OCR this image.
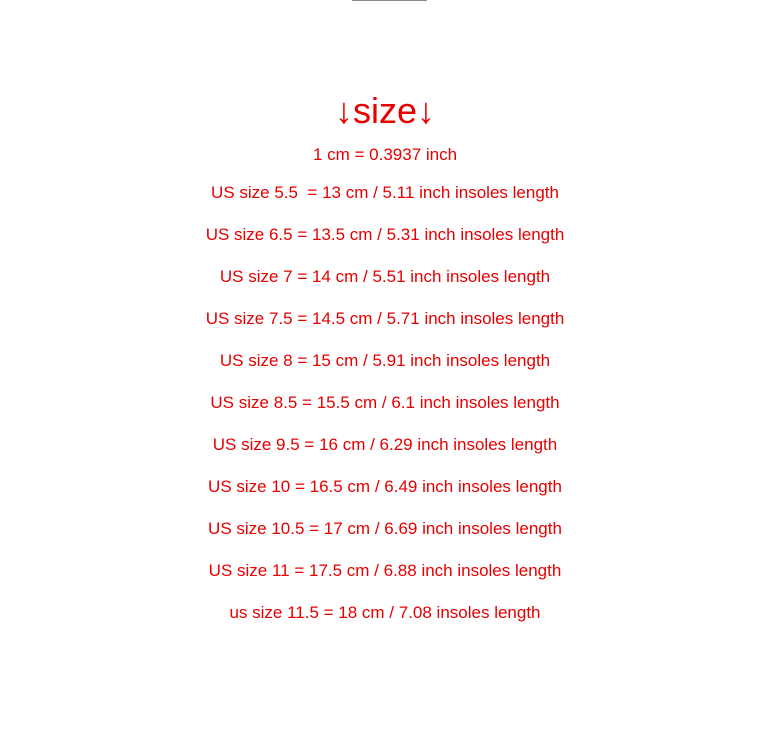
↓size↓
1 cm = 0.3937 inch
US size 5.5  = 13 cm / 5.11 inch insoles length
US size 6.5 = 13.5 cm / 5.31 inch insoles length
US size 7 = 14 cm / 5.51 inch insoles length
US size 7.5 = 14.5 cm / 5.71 inch insoles length
US size 8 = 15 cm / 5.91 inch insoles length
US size 8.5 = 15.5 cm / 6.1 inch insoles length
US size 9.5 = 16 cm / 6.29 inch insoles length
US size 10 = 16.5 cm / 6.49 inch insoles length
US size 10.5 = 17 cm / 6.69 inch insoles length
US size 11 = 17.5 cm / 6.88 inch insoles length
us size 11.5 = 18 cm / 7.08 insoles length
